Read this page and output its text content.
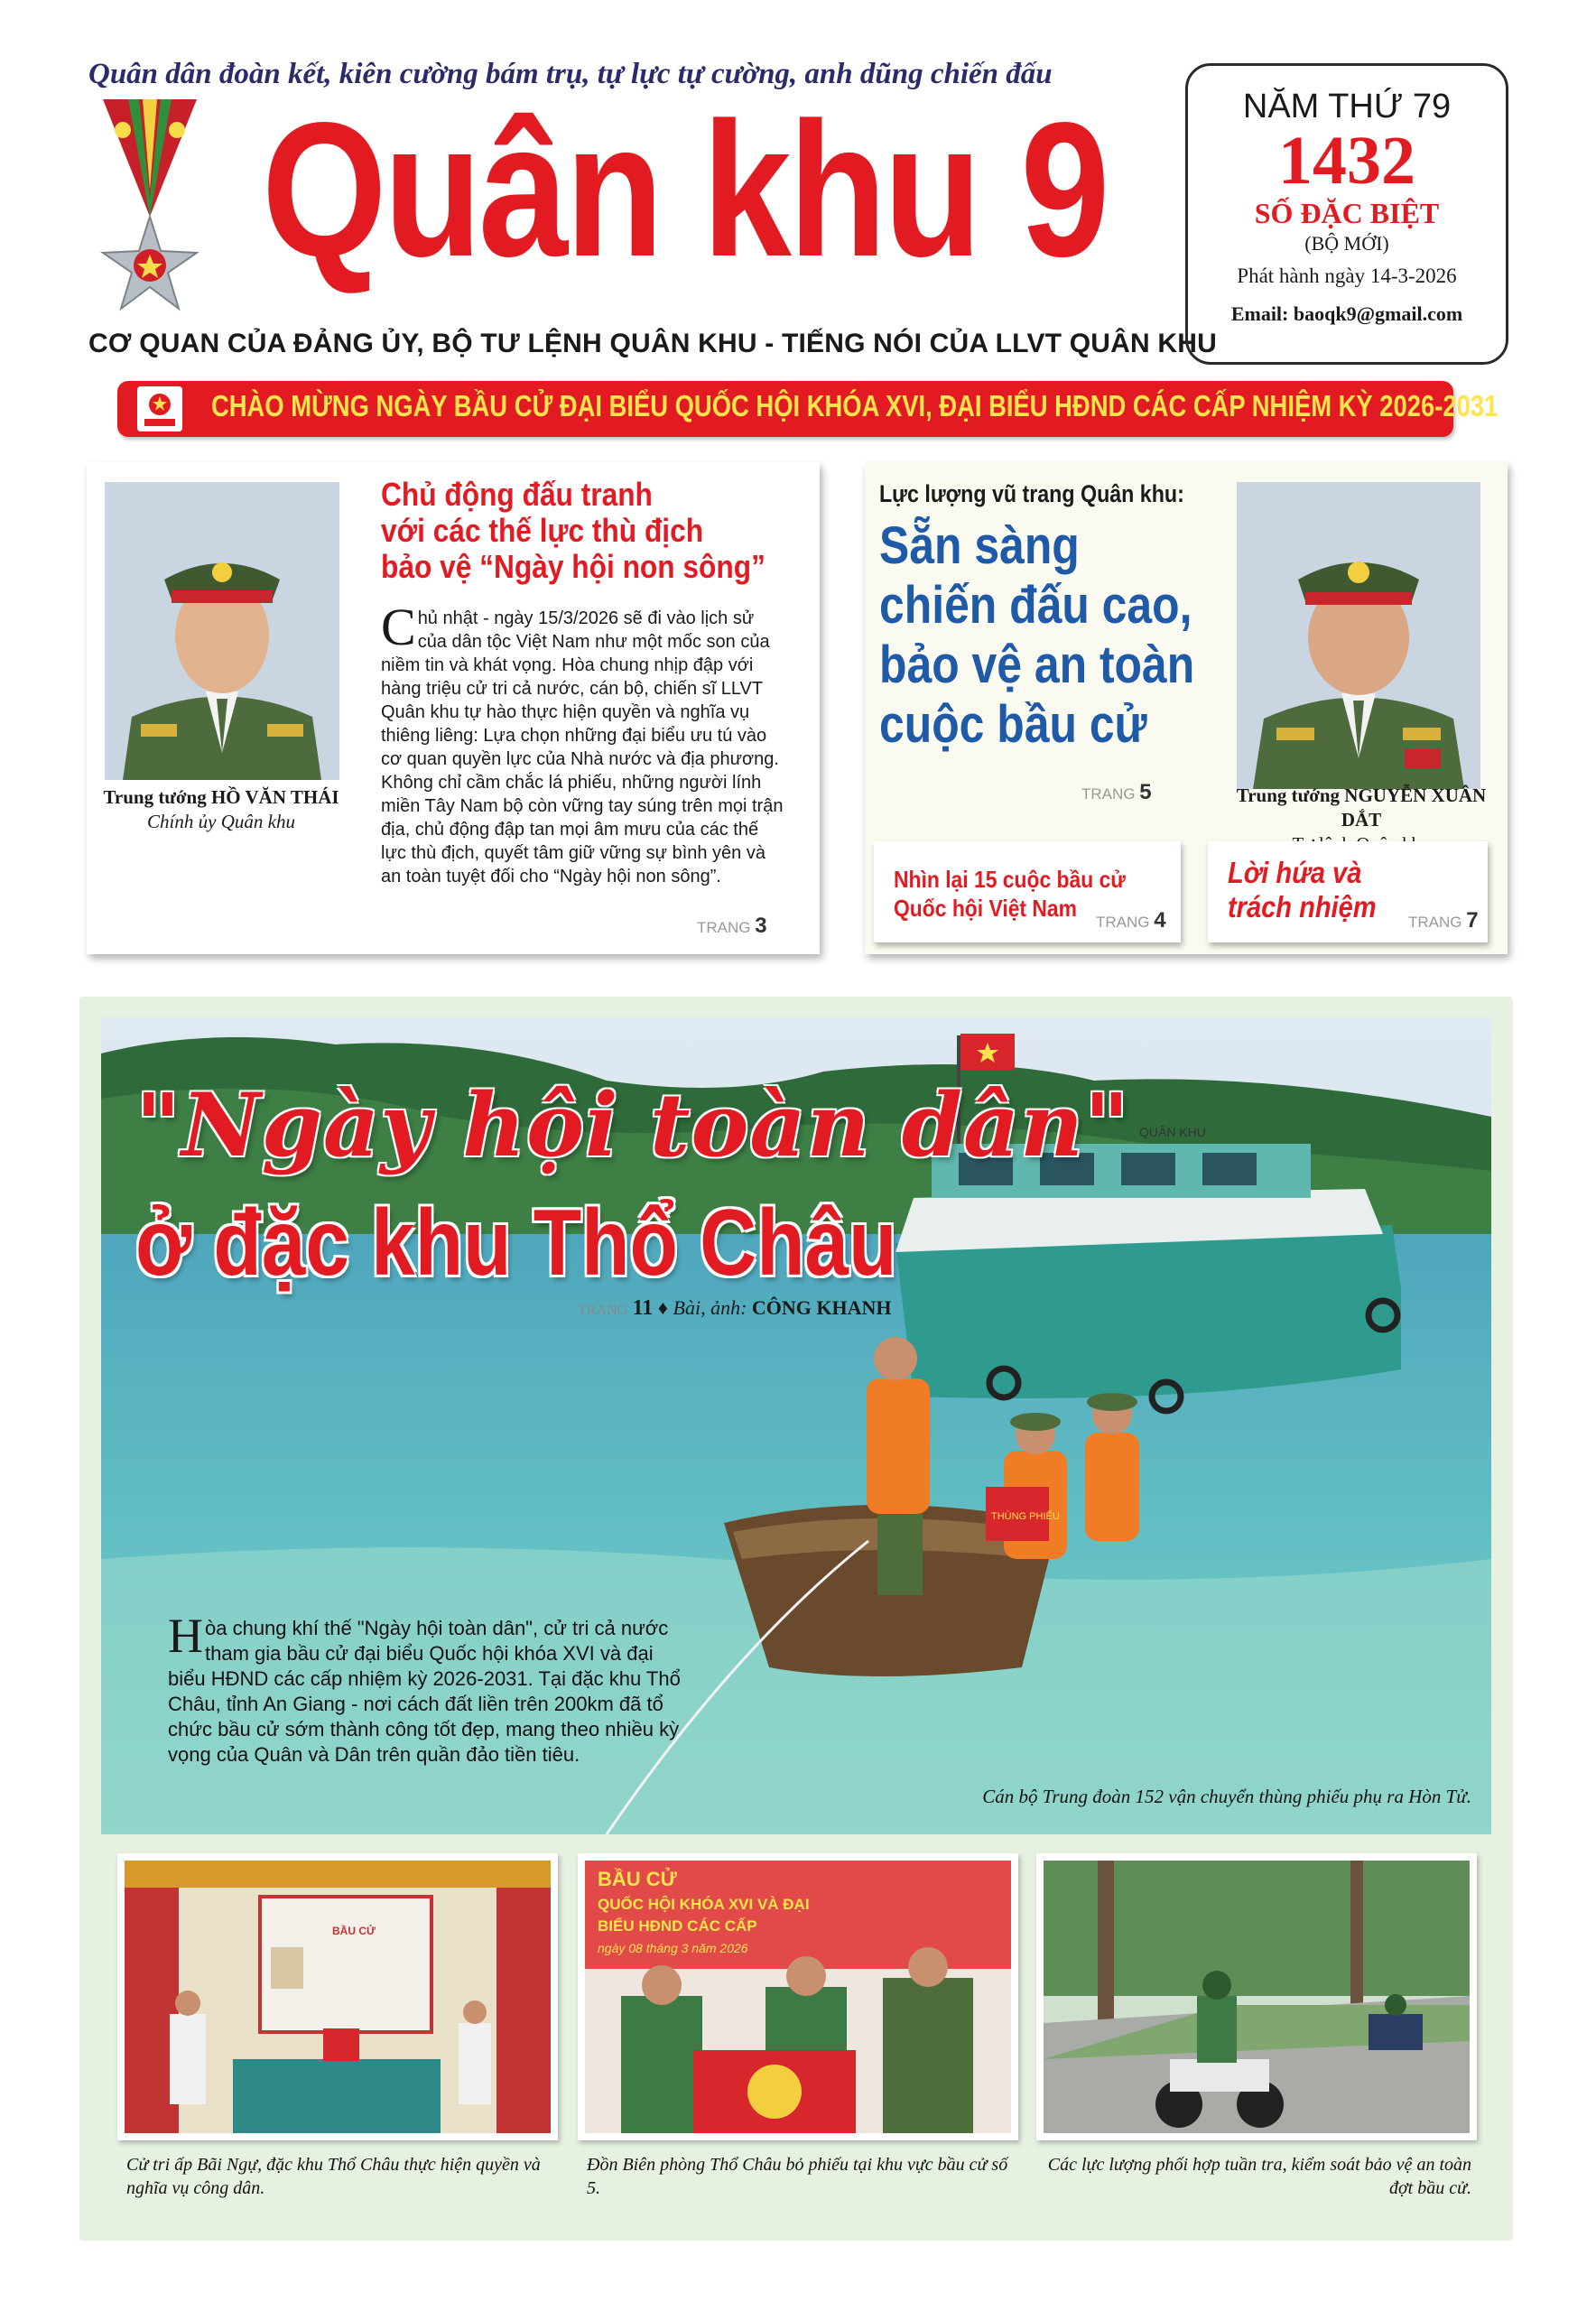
Quân dân đoàn kết, kiên cường bám trụ, tự lực tự cường, anh dũng chiến đấu
Quân khu 9
CƠ QUAN CỦA ĐẢNG ỦY, BỘ TƯ LỆNH QUÂN KHU - TIẾNG NÓI CỦA LLVT QUÂN KHU
NĂM THỨ 79
1432
SỐ ĐẶC BIỆT
(BỘ MỚI)
Phát hành ngày 14-3-2026
Email: baoqk9@gmail.com
CHÀO MỪNG NGÀY BẦU CỬ ĐẠI BIỂU QUỐC HỘI KHÓA XVI, ĐẠI BIỂU HĐND CÁC CẤP NHIỆM KỲ 2026-2031
Trung tướng HỒ VĂN THÁI
Chính ủy Quân khu
Chủ động đấu tranh
với các thế lực thù địch
bảo vệ “Ngày hội non sông”
C hủ nhật - ngày 15/3/2026 sẽ đi vào lịch sử của dân tộc Việt Nam như một mốc son của niềm tin và khát vọng. Hòa chung nhịp đập với hàng triệu cử tri cả nước, cán bộ, chiến sĩ LLVT Quân khu tự hào thực hiện quyền và nghĩa vụ thiêng liêng: Lựa chọn những đại biểu ưu tú vào cơ quan quyền lực của Nhà nước và địa phương. Không chỉ cầm chắc lá phiếu, những người lính miền Tây Nam bộ còn vững tay súng trên mọi trận địa, chủ động đập tan mọi âm mưu của các thế lực thù địch, quyết tâm giữ vững sự bình yên và an toàn tuyệt đối cho “Ngày hội non sông”.
TRANG 3
Lực lượng vũ trang Quân khu:
Sẵn sàng
chiến đấu cao,
bảo vệ an toàn
cuộc bầu cử
TRANG 5	Trung tướng NGUYỄN XUÂN DẮT

Nhìn lại 15 cuộc bầu cử
Quốc hội Việt Nam
TRANG 4
Lời hứa và
trách nhiệm TRANG 7
QUÂN KHU
THÙNG PHIẾU
"Ngày hội toàn dân"
ở đặc khu Thổ Châu
TRANG 11 ♦ Bài, ảnh: CÔNG KHANH
H òa chung khí thế "Ngày hội toàn dân", cử tri cả nước tham gia bầu cử đại biểu Quốc hội khóa XVI và đại biểu HĐND các cấp nhiệm kỳ 2026-2031. Tại đặc khu Thổ Châu, tỉnh An Giang - nơi cách đất liền trên 200km đã tổ chức bầu cử sớm thành công tốt đẹp, mang theo nhiều kỳ vọng của Quân và Dân trên quần đảo tiền tiêu.
Cán bộ Trung đoàn 152 vận chuyển thùng phiếu phụ ra Hòn Tử.
BẦU CỬ
BẦU CỬ
QUỐC HỘI KHÓA XVI VÀ ĐẠI
BIỂU HĐND CÁC CẤP
ngày 08 tháng 3 năm 2026
Cử tri ấp Bãi Ngự, đặc khu Thổ Châu thực hiện quyền và nghĩa vụ công dân.
Đồn Biên phòng Thổ Châu bỏ phiếu tại khu vực bầu cử số 5.
Các lực lượng phối hợp tuần tra, kiểm soát bảo vệ an toàn đợt bầu cử.
